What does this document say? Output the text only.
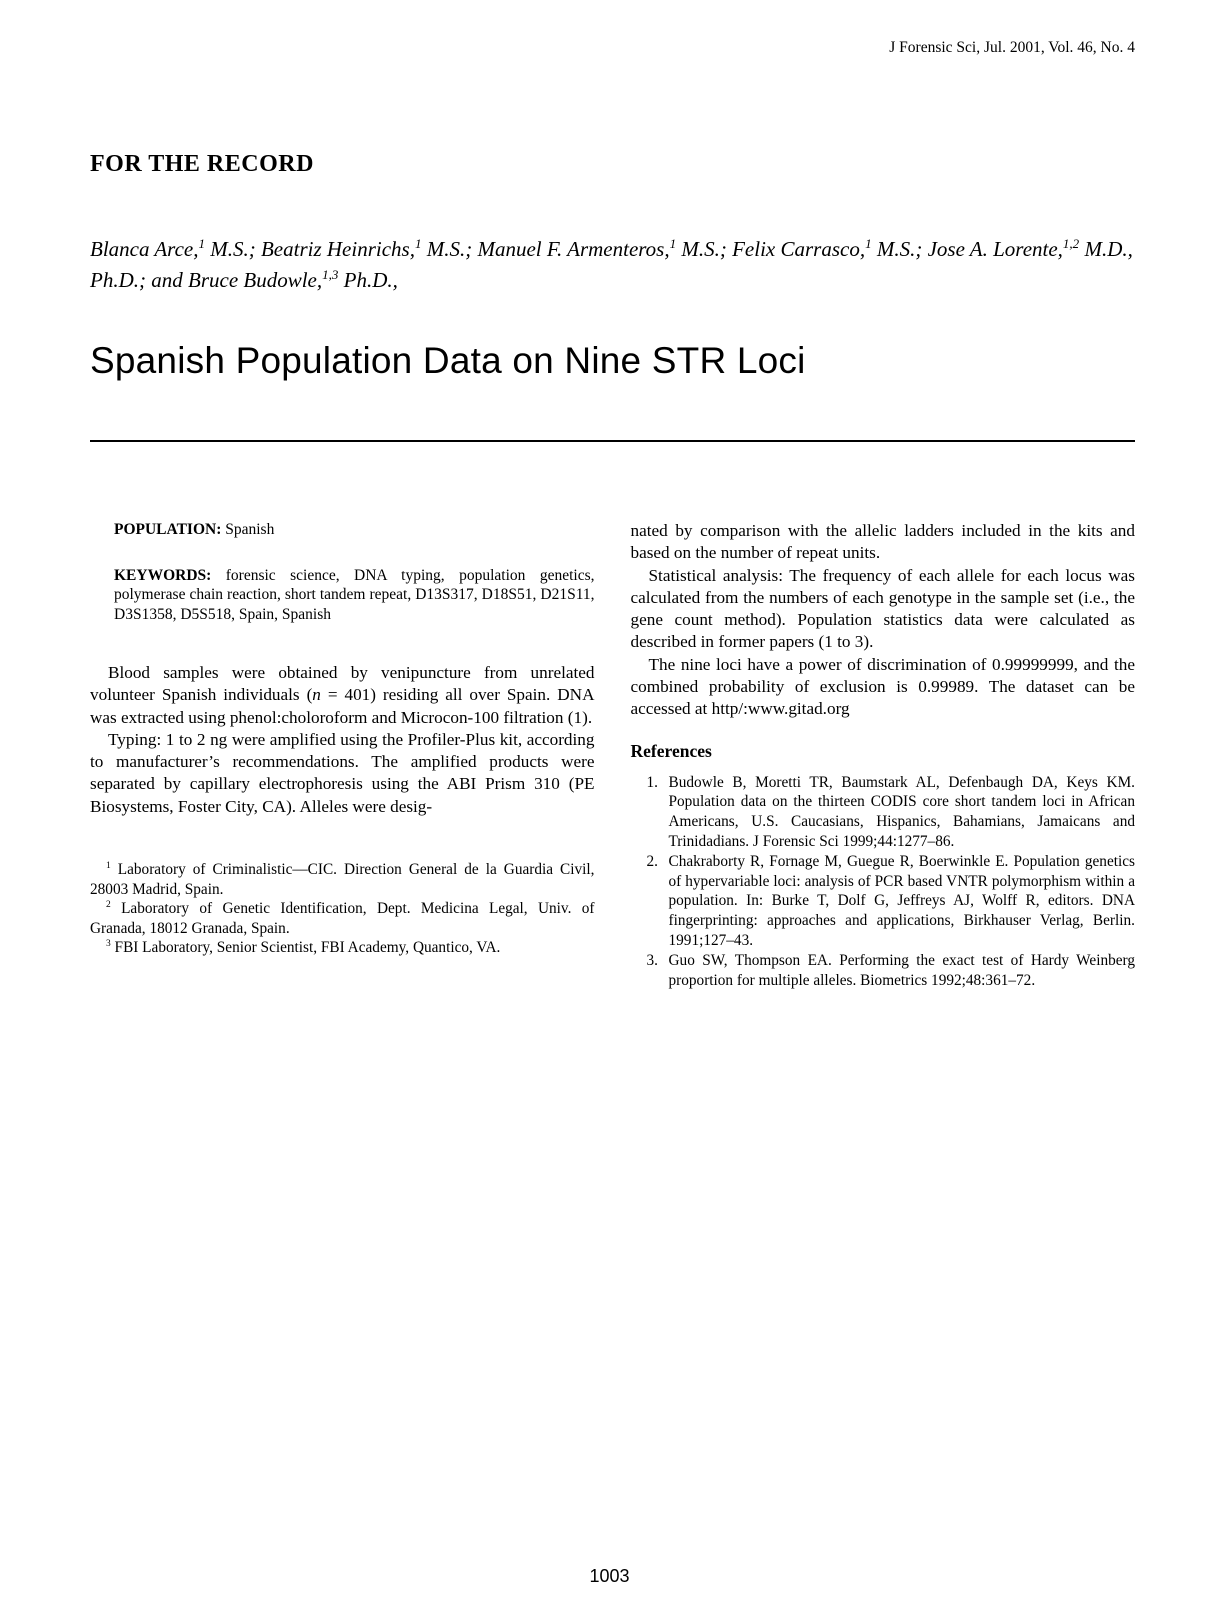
J Forensic Sci, Jul. 2001, Vol. 46, No. 4
FOR THE RECORD

Blanca Arce,$^1$ M.S.; Beatriz Heinrichs,$^1$ M.S.; Manuel F. Armenteros,$^1$ M.S.; Felix Carrasco,$^1$ M.S.; Jose A. Lorente,$^{1,2}$ M.D., Ph.D.; and Bruce Budowle,$^{1,3}$ Ph.D.,

Spanish Population Data on Nine STR Loci

POPULATION: Spanish

KEYWORDS: forensic science, DNA typing, population genetics, polymerase chain reaction, short tandem repeat, D13S317, D18S51, D21S11, D3S1358, D5S518, Spain, Spanish

Blood samples were obtained by venipuncture from unrelated volunteer Spanish individuals (n = 401) residing all over Spain. DNA was extracted using phenol:choloroform and Microcon-100 filtration (1).

Typing: 1 to 2 ng were amplified using the Profiler-Plus kit, according to manufacturer’s recommendations. The amplified products were separated by capillary electrophoresis using the ABI Prism 310 (PE Biosystems, Foster City, CA). Alleles were desig-

$^1$ Laboratory of Criminalistic—CIC. Direction General de la Guardia Civil, 28003 Madrid, Spain.

$^2$ Laboratory of Genetic Identification, Dept. Medicina Legal, Univ. of Granada, 18012 Granada, Spain.

$^3$ FBI Laboratory, Senior Scientist, FBI Academy, Quantico, VA.

nated by comparison with the allelic ladders included in the kits and based on the number of repeat units.

Statistical analysis: The frequency of each allele for each locus was calculated from the numbers of each genotype in the sample set (i.e., the gene count method). Population statistics data were calculated as described in former papers (1 to 3).

The nine loci have a power of discrimination of 0.99999999, and the combined probability of exclusion is 0.99989. The dataset can be accessed at http/:www.gitad.org

References
1. Budowle B, Moretti TR, Baumstark AL, Defenbaugh DA, Keys KM. Population data on the thirteen CODIS core short tandem loci in African Americans, U.S. Caucasians, Hispanics, Bahamians, Jamaicans and Trinidadians. J Forensic Sci 1999;44:1277–86.
2. Chakraborty R, Fornage M, Guegue R, Boerwinkle E. Population genetics of hypervariable loci: analysis of PCR based VNTR polymorphism within a population. In: Burke T, Dolf G, Jeffreys AJ, Wolff R, editors. DNA fingerprinting: approaches and applications, Birkhauser Verlag, Berlin. 1991;127–43.
3. Guo SW, Thompson EA. Performing the exact test of Hardy Weinberg proportion for multiple alleles. Biometrics 1992;48:361–72.
1003
